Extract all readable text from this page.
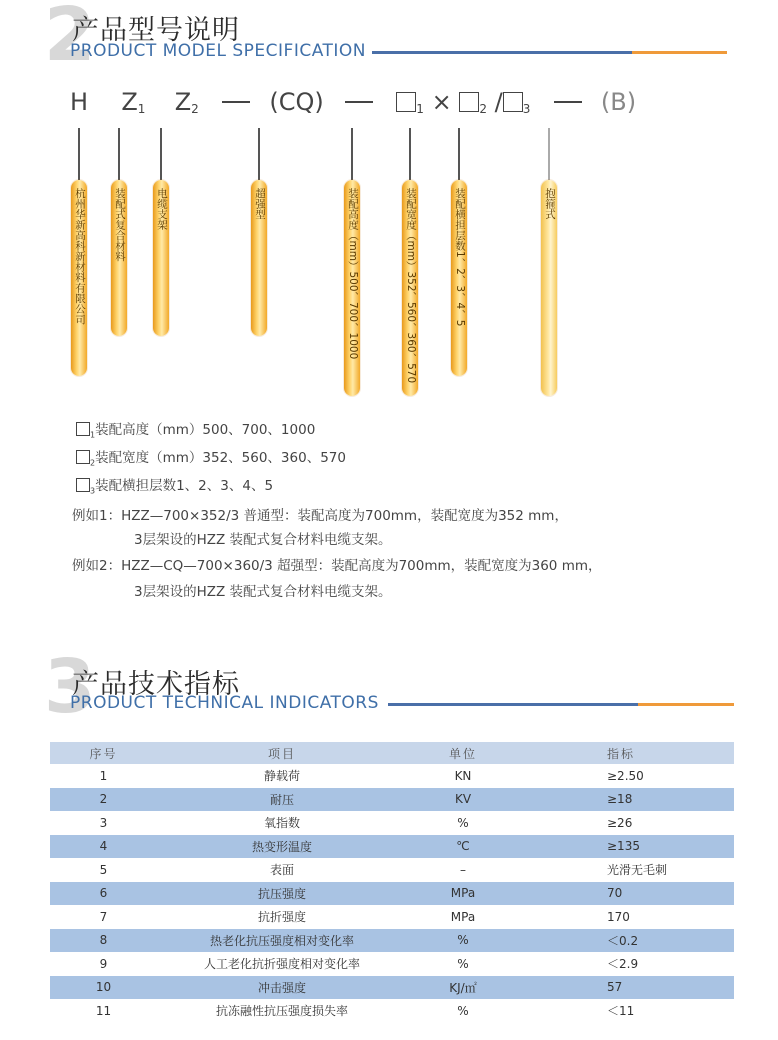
2
产品型号说明
PRODUCT MODEL SPECIFICATION
H $Z_1$ $Z_2$	(CQ)	$_1$ × $_2$ / $_3$	(B)
杭州华新高科新材料有限公司	装配式复合材料	电缆支架	超强型	装配高度（mm）500、700、1000	装配宽度（mm）352、560、360、570	装配横担层数1、2、3、4、5	抱箍式
$_1$装配高度（mm）500、700、1000
$_2$装配宽度（mm）352、560、360、570
$_3$装配横担层数1、2、3、4、5
例如1：HZZ—700×352/3 普通型：装配高度为700mm，装配宽度为352 mm，
3层架设的HZZ 装配式复合材料电缆支架。
例如2：HZZ—CQ—700×360/3 超强型：装配高度为700mm，装配宽度为360 mm，
3层架设的HZZ 装配式复合材料电缆支架。
3
产品技术指标
PRODUCT TECHNICAL INDICATORS
序号	项目	单位	指标
1	静载荷	KN	≥2.50
2	耐压	KV	≥18
3	氧指数	%	≥26
4	热变形温度	℃	≥135
5	表面	–	光滑无毛刺
6	抗压强度	MPa	70
7	抗折强度	MPa	170
8	热老化抗压强度相对变化率	%	＜0.2
9	人工老化抗折强度相对变化率	%	＜2.9
10	冲击强度	KJ/㎡	57
11	抗冻融性抗压强度损失率	%	＜11
